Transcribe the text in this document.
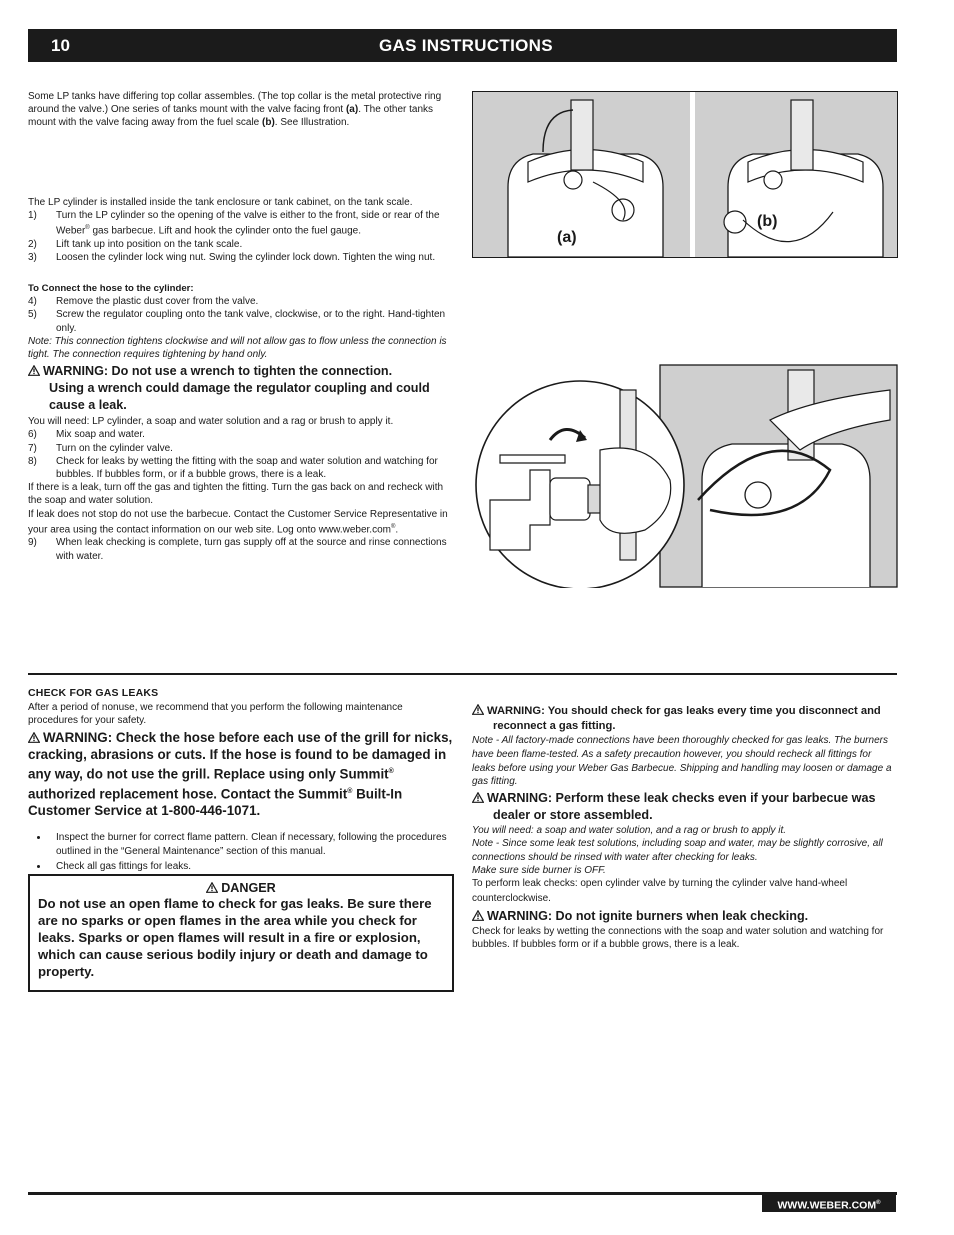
10	GAS INSTRUCTIONS
Some LP tanks have differing top collar assembles. (The top collar is the metal protective ring around the valve.) One series of tanks mount with the valve facing front (a). The other tanks mount with the valve facing away from the fuel scale (b). See Illustration.
The LP cylinder is installed inside the tank enclosure or tank cabinet, on the tank scale.
1) Turn the LP cylinder so the opening of the valve is either to the front, side or rear of the Weber® gas barbecue. Lift and hook the cylinder onto the fuel gauge.
2) Lift tank up into position on the tank scale.
3) Loosen the cylinder lock wing nut. Swing the cylinder lock down. Tighten the wing nut.
To Connect the hose to the cylinder:
4) Remove the plastic dust cover from the valve.
5) Screw the regulator coupling onto the tank valve, clockwise, or to the right. Hand-tighten only.
Note: This connection tightens clockwise and will not allow gas to flow unless the connection is tight. The connection requires tightening by hand only.
WARNING: Do not use a wrench to tighten the connection.
Using a wrench could damage the regulator coupling and could cause a leak.
You will need: LP cylinder, a soap and water solution and a rag or brush to apply it.
6) Mix soap and water.
7) Turn on the cylinder valve.
8) Check for leaks by wetting the fitting with the soap and water solution and watching for bubbles. If bubbles form, or if a bubble grows, there is a leak.
If there is a leak, turn off the gas and tighten the fitting. Turn the gas back on and recheck with the soap and water solution.
If leak does not stop do not use the barbecue. Contact the Customer Service Representative in your area using the contact information on our web site. Log onto www.weber.com®.
9) When leak checking is complete, turn gas supply off at the source and rinse connections with water.
(a)
(b)
CHECK FOR GAS LEAKS
After a period of nonuse, we recommend that you perform the following maintenance procedures for your safety.
WARNING: Check the hose before each use of the grill for nicks, cracking, abrasions or cuts. If the hose is found to be damaged in any way, do not use the grill. Replace using only Summit® authorized replacement hose. Contact the Summit® Built-In Customer Service at 1-800-446-1071.
• Inspect the burner for correct flame pattern. Clean if necessary, following the procedures outlined in the “General Maintenance” section of this manual.
• Check all gas fittings for leaks.
DANGER
Do not use an open flame to check for gas leaks. Be sure there are no sparks or open flames in the area while you check for leaks. Sparks or open flames will result in a fire or explosion, which can cause serious bodily injury or death and damage to property.
WARNING: You should check for gas leaks every time you disconnect and reconnect a gas fitting.
Note - All factory-made connections have been thoroughly checked for gas leaks. The burners have been flame-tested. As a safety precaution however, you should recheck all fittings for leaks before using your Weber Gas Barbecue. Shipping and handling may loosen or damage a gas fitting.
WARNING: Perform these leak checks even if your barbecue was dealer or store assembled.
You will need: a soap and water solution, and a rag or brush to apply it.
Note - Since some leak test solutions, including soap and water, may be slightly corrosive, all connections should be rinsed with water after checking for leaks.
Make sure side burner is OFF.
To perform leak checks: open cylinder valve by turning the cylinder valve hand-wheel counterclockwise.
WARNING: Do not ignite burners when leak checking.
Check for leaks by wetting the connections with the soap and water solution and watching for bubbles. If bubbles form or if a bubble grows, there is a leak.
WWW.WEBER.COM®
